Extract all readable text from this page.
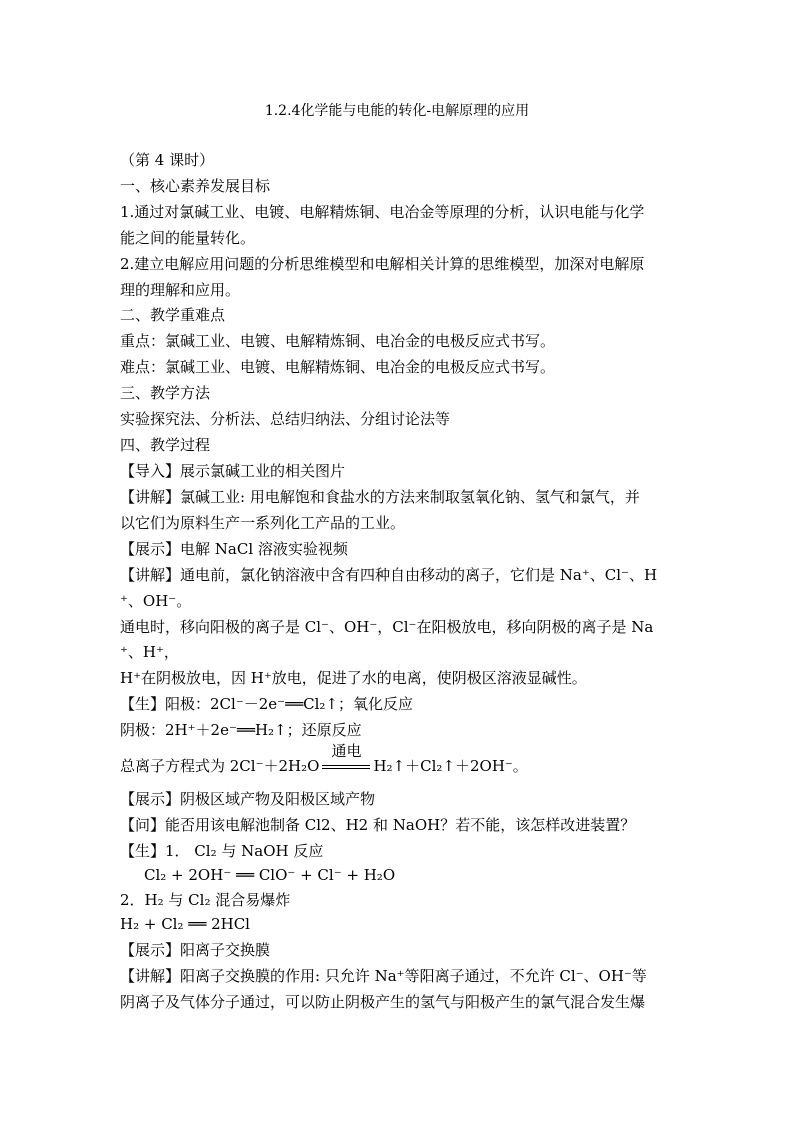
1.2.4化学能与电能的转化-电解原理的应用
（第 4 课时）
一、核心素养发展目标
1.通过对氯碱工业、电镀、电解精炼铜、电冶金等原理的分析，认识电能与化学
能之间的能量转化。
2.建立电解应用问题的分析思维模型和电解相关计算的思维模型，加深对电解原
理的理解和应用。
二、教学重难点
重点：氯碱工业、电镀、电解精炼铜、电冶金的电极反应式书写。
难点：氯碱工业、电镀、电解精炼铜、电冶金的电极反应式书写。
三、教学方法
实验探究法、分析法、总结归纳法、分组讨论法等
四、教学过程
【导入】展示氯碱工业的相关图片
【讲解】氯碱工业: 用电解饱和食盐水的方法来制取氢氧化钠、氢气和氯气，并
以它们为原料生产一系列化工产品的工业。
【展示】电解 NaCl 溶液实验视频
【讲解】通电前，氯化钠溶液中含有四种自由移动的离子，它们是 Na⁺、Cl⁻、H
⁺、OH⁻。
通电时，移向阳极的离子是 Cl⁻、OH⁻，Cl⁻在阳极放电，移向阴极的离子是 Na
⁺、H⁺，
H⁺在阴极放电，因 H⁺放电，促进了水的电离，使阴极区溶液显碱性。
【生】阳极：2Cl⁻－2e⁻══Cl₂↑；氧化反应
阴极：2H⁺＋2e⁻══H₂↑；还原反应
总离子方程式为 2Cl⁻＋2H₂O
通电
H₂↑＋Cl₂↑＋2OH⁻。
【展示】阴极区域产物及阳极区域产物
【问】能否用该电解池制备 Cl2、H2 和 NaOH？若不能，该怎样改进装置？
【生】1． Cl₂ 与 NaOH 反应
Cl₂ + 2OH⁻ ══ ClO⁻ + Cl⁻ + H₂O
2．H₂ 与 Cl₂ 混合易爆炸
H₂ + Cl₂ ══ 2HCl
【展示】阳离子交换膜
【讲解】阳离子交换膜的作用: 只允许 Na⁺等阳离子通过，不允许 Cl⁻、OH⁻等
阴离子及气体分子通过，可以防止阴极产生的氢气与阳极产生的氯气混合发生爆
